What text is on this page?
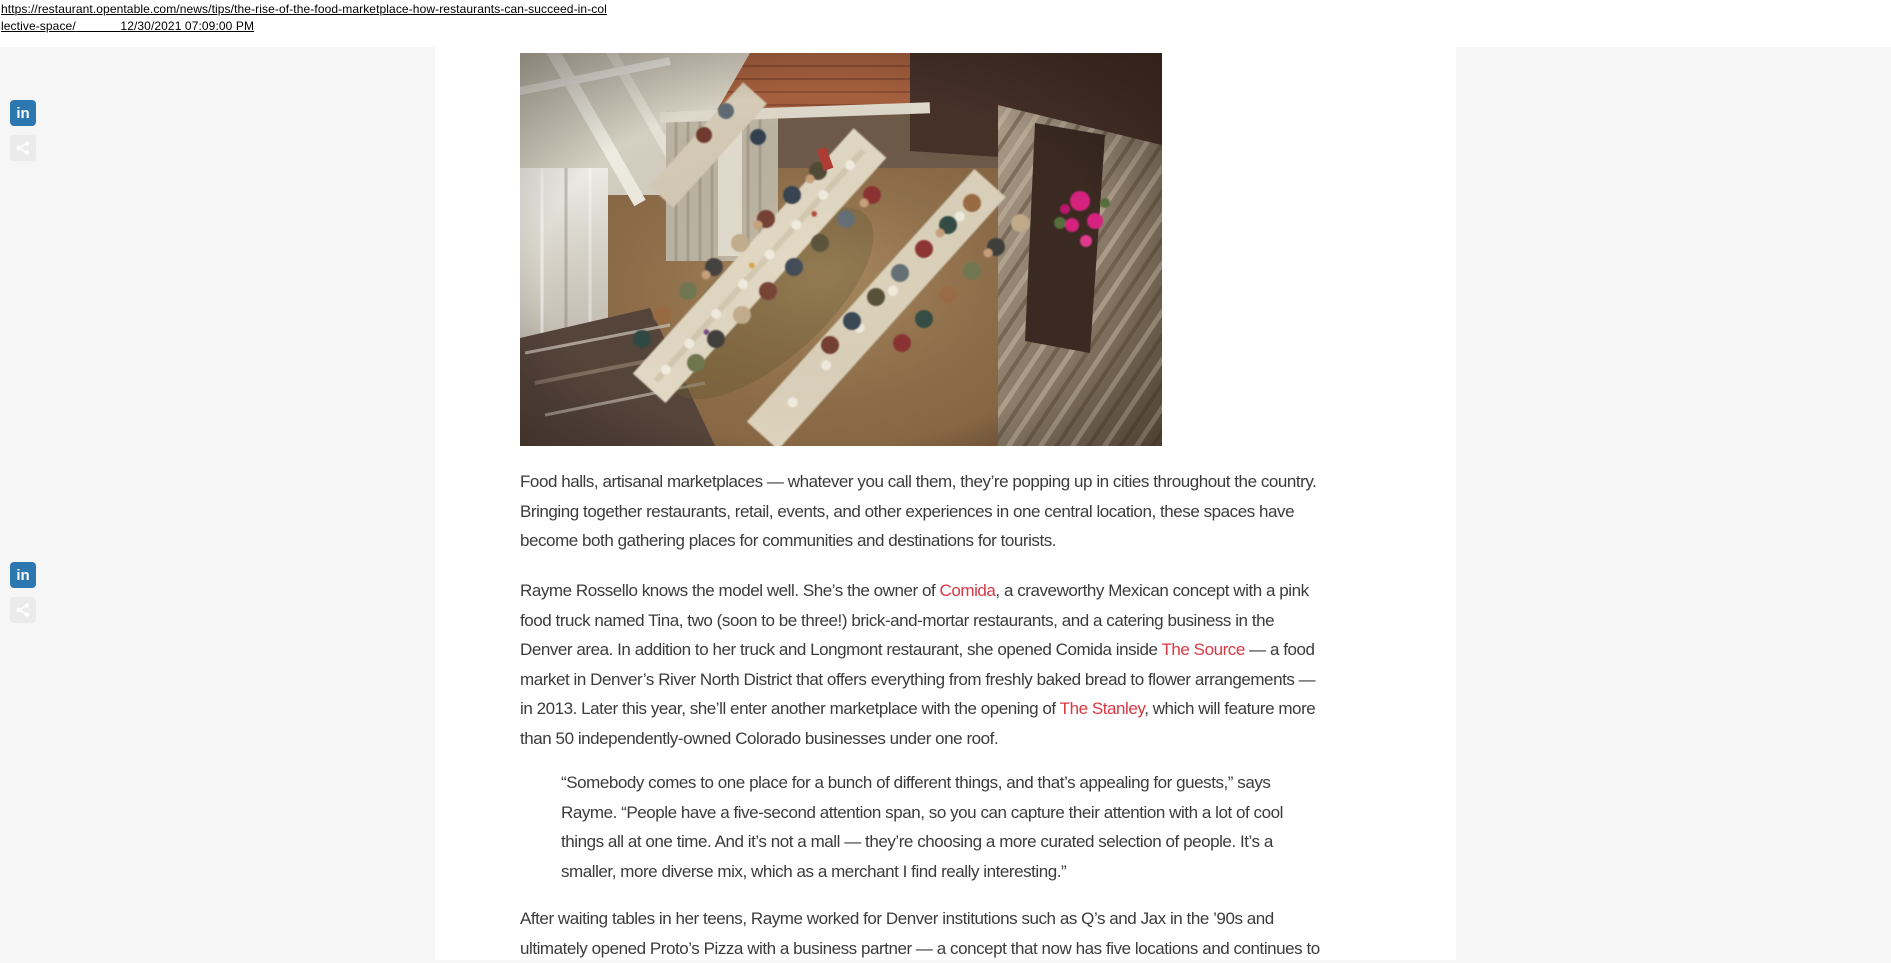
https://restaurant.opentable.com/news/tips/the-rise-of-the-food-marketplace-how-restaurants-can-succeed-in-col
lective-space/	12/30/2021 07:09:00 PM
in
in

Food halls, artisanal marketplaces — whatever you call them, they’re popping up in cities throughout the country.
Bringing together restaurants, retail, events, and other experiences in one central location, these spaces have
become both gathering places for communities and destinations for tourists.

Rayme Rossello knows the model well. She’s the owner of Comida, a craveworthy Mexican concept with a pink
food truck named Tina, two (soon to be three!) brick-and-mortar restaurants, and a catering business in the
Denver area. In addition to her truck and Longmont restaurant, she opened Comida inside The Source — a food
market in Denver’s River North District that offers everything from freshly baked bread to flower arrangements —
in 2013. Later this year, she’ll enter another marketplace with the opening of The Stanley, which will feature more
than 50 independently-owned Colorado businesses under one roof.

“Somebody comes to one place for a bunch of different things, and that’s appealing for guests,” says
Rayme. “People have a five-second attention span, so you can capture their attention with a lot of cool
things all at one time. And it’s not a mall — they’re choosing a more curated selection of people. It’s a
smaller, more diverse mix, which as a merchant I find really interesting.”

After waiting tables in her teens, Rayme worked for Denver institutions such as Q’s and Jax in the ’90s and
ultimately opened Proto’s Pizza with a business partner — a concept that now has five locations and continues to
